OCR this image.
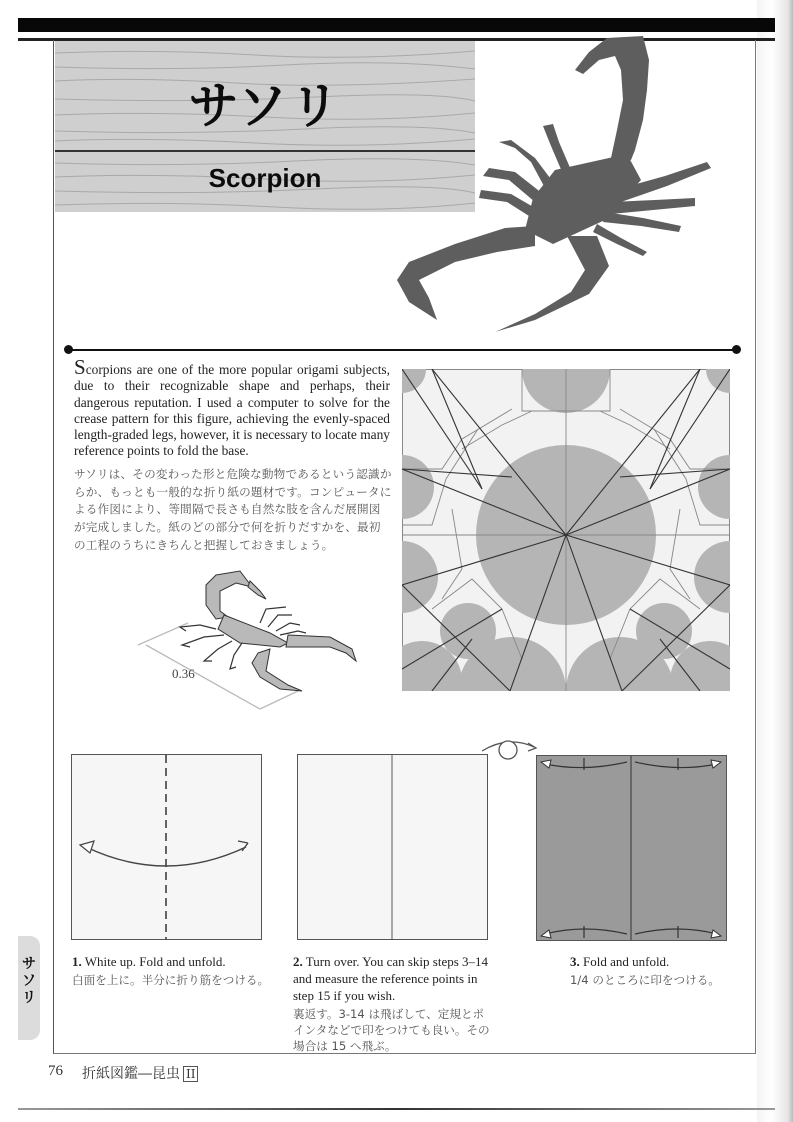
サソリ
Scorpion
Scorpions are one of the more popular origami subjects, due to their recognizable shape and perhaps, their dangerous reputation. I used a computer to solve for the crease pattern for this figure, achieving the evenly-spaced length-graded legs, however, it is necessary to locate many reference points to fold the base.
サソリは、その変わった形と危険な動物であるという認識からか、もっとも一般的な折り紙の題材です。コンピュータによる作図により、等間隔で長さも自然な肢を含んだ展開図が完成しました。紙のどの部分で何を折りだすかを、最初の工程のうちにきちんと把握しておきましょう。
0.36
1. White up. Fold and unfold.
白面を上に。半分に折り筋をつける。
2. Turn over. You can skip steps 3–14 and measure the reference points in step 15 if you wish.
裏返す。3-14 は飛ばして、定規とポインタなどで印をつけても良い。その場合は 15 へ飛ぶ。
3. Fold and unfold.
1/4 のところに印をつける。
サソリ
76 折紙図鑑―昆虫 II
